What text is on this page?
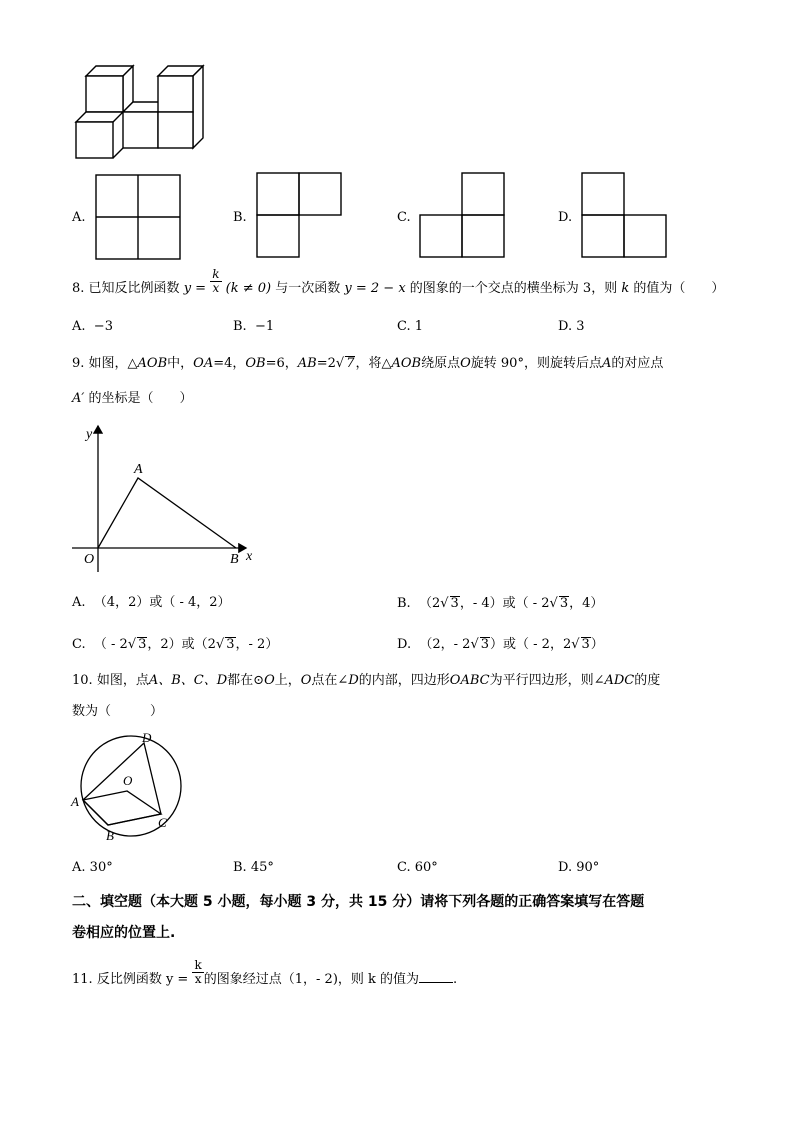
A.	B.	C.	D.
8. 已知反比例函数 $y = \frac{k}{x} (k \ne 0)$ 与一次函数 y = 2 − x 的图象的一个交点的横坐标为 3，则 k 的值为（　　）
A. −3	B. −1	C. 1	D. 3
9. 如图，△AOB中，OA=4，OB=6，AB=2√ 7，将△AOB绕原点O旋转 90°，则旋转后点A的对应点
A′ 的坐标是（　　）
y
A
O	B x
A. （4，2）或（ - 4，2）	B. （2√ 3，- 4）或（ - 2√ 3，4）
C. （ - 2√ 3，2）或（2√ 3，- 2）	D. （2，- 2√ 3）或（ - 2，2√ 3）
10. 如图，点A、B、C、D都在⊙O上，O点在∠D的内部，四边形OABC为平行四边形，则∠ADC的度
数为（　　　）
D
O
A
B
C
A. 30°	B. 45°	C. 60°	D. 90°
二、填空题（本大题 5 小题，每小题 3 分，共 15 分）请将下列各题的正确答案填写在答题
卷相应的位置上.
11. 反比例函数 $y = \frac{k}{x}$ 的图象经过点（1，- 2)，则 k 的值为	.
